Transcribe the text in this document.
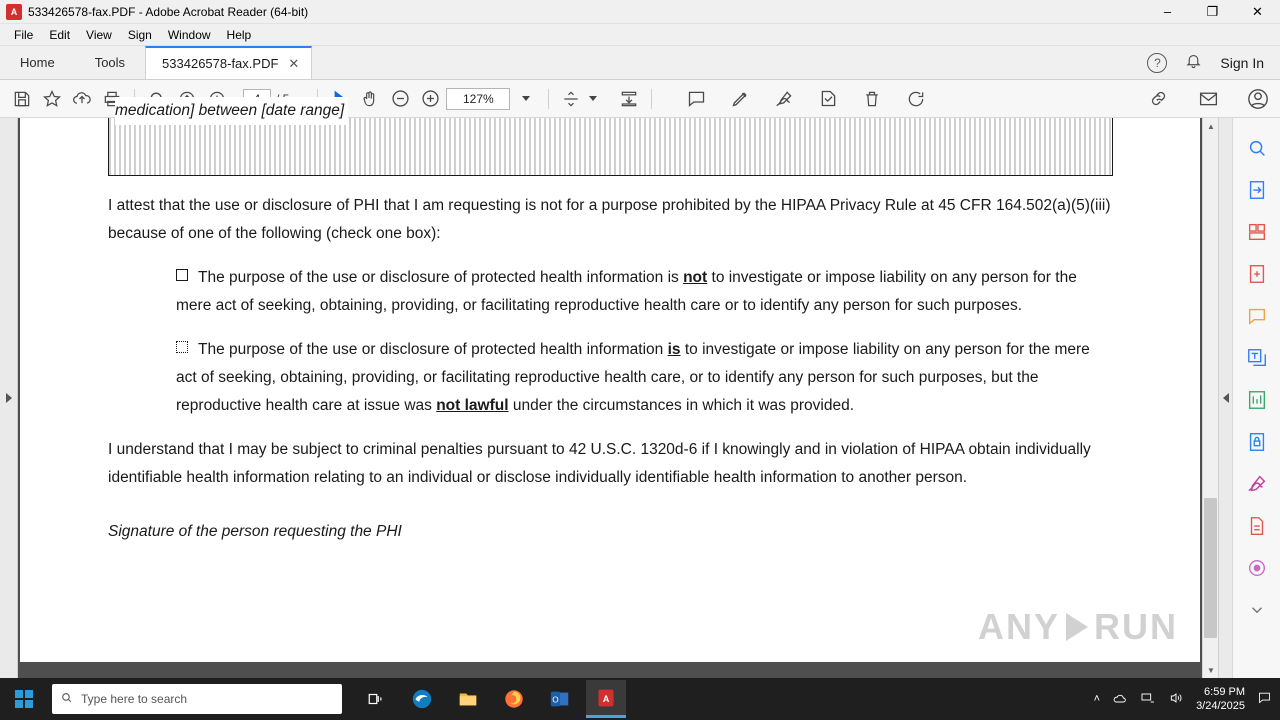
A 533426578-fax.PDF - Adobe Acrobat Reader (64-bit)	–	❐	✕
File	Edit	View	Sign	Window	Help
Home	Tools	533426578-fax.PDF ✕	?	Sign In
127%
medication] between [date range]
I attest that the use or disclosure of PHI that I am requesting is not for a purpose prohibited by the HIPAA Privacy Rule at 45 CFR 164.502(a)(5)(iii) because of one of the following (check one box):
The purpose of the use or disclosure of protected health information is not to investigate or impose liability on any person for the mere act of seeking, obtaining, providing, or facilitating reproductive health care or to identify any person for such purposes.
The purpose of the use or disclosure of protected health information is to investigate or impose liability on any person for the mere act of seeking, obtaining, providing, or facilitating reproductive health care, or to identify any person for such purposes, but the reproductive health care at issue was not lawful under the circumstances in which it was provided.
I understand that I may be subject to criminal penalties pursuant to 42 U.S.C. 1320d-6 if I knowingly and in violation of HIPAA obtain individually identifiable health information relating to an individual or disclose individually identifiable health information to another person.
Signature of the person requesting the PHI
ANY RUN
▲
▼
Type here to search	O	A	˄
6:59 PM
3/24/2025
